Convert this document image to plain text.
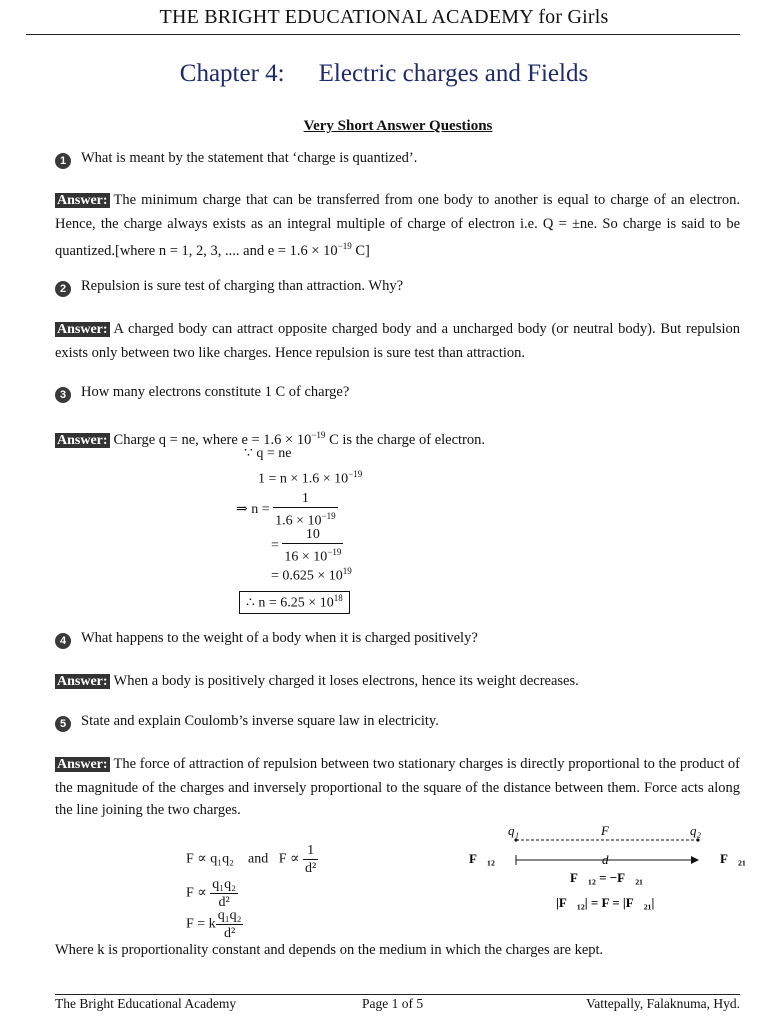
THE BRIGHT EDUCATIONAL ACADEMY for Girls
Chapter 4: Electric charges and Fields
Very Short Answer Questions
1 What is meant by the statement that ‘charge is quantized’.
Answer: The minimum charge that can be transferred from one body to another is equal to charge of an electron. Hence, the charge always exists as an integral multiple of charge of electron i.e. Q = ±ne. So charge is said to be quantized.[where n = 1, 2, 3, .... and $e = 1.6 \times 10^{-19}$ C]
2 Repulsion is sure test of charging than attraction. Why?
Answer: A charged body can attract opposite charged body and a uncharged body (or neutral body). But repulsion exists only between two like charges. Hence repulsion is sure test than attraction.
3 How many electrons constitute 1 C of charge?
Answer: Charge q = ne, where $e = 1.6 \times 10^{-19}$ C is the charge of electron.
∵ q = ne
$1 = n \times 1.6 \times 10^{-19}$
⇒ $n = \frac{1}{1.6 \times 10^{-19}}$
= $\frac{10}{16 \times 10^{-19}}$
= $0.625 \times 10^{19}$
∴ $n = 6.25 \times 10^{18}$
4 What happens to the weight of a body when it is charged positively?
Answer: When a body is positively charged it loses electrons, hence its weight decreases.
5 State and explain Coulomb’s inverse square law in electricity.
Answer: The force of attraction of repulsion between two stationary charges is directly proportional to the product of the magnitude of the charges and inversely proportional to the square of the distance between them. Force acts along the line joining the two charges.
F ∝ q₁q₂ and $F \propto \frac{1}{\text{d²}}$
$F \propto \frac{\text{q₁q₂}}{\text{d²}}$
F = k $\frac{\text{q₁q₂}}{\text{d²}}$
q₁	q₂
F
d
F⃗₁₂	F⃗₂₁
F⃗₁₂ = −F⃗₂₁
|F⃗₁₂| = F = |F⃗₂₁|
Where k is proportionality constant and depends on the medium in which the charges are kept.
The Bright Educational Academy	Page 1 of 5	Vattepally, Falaknuma, Hyd.
